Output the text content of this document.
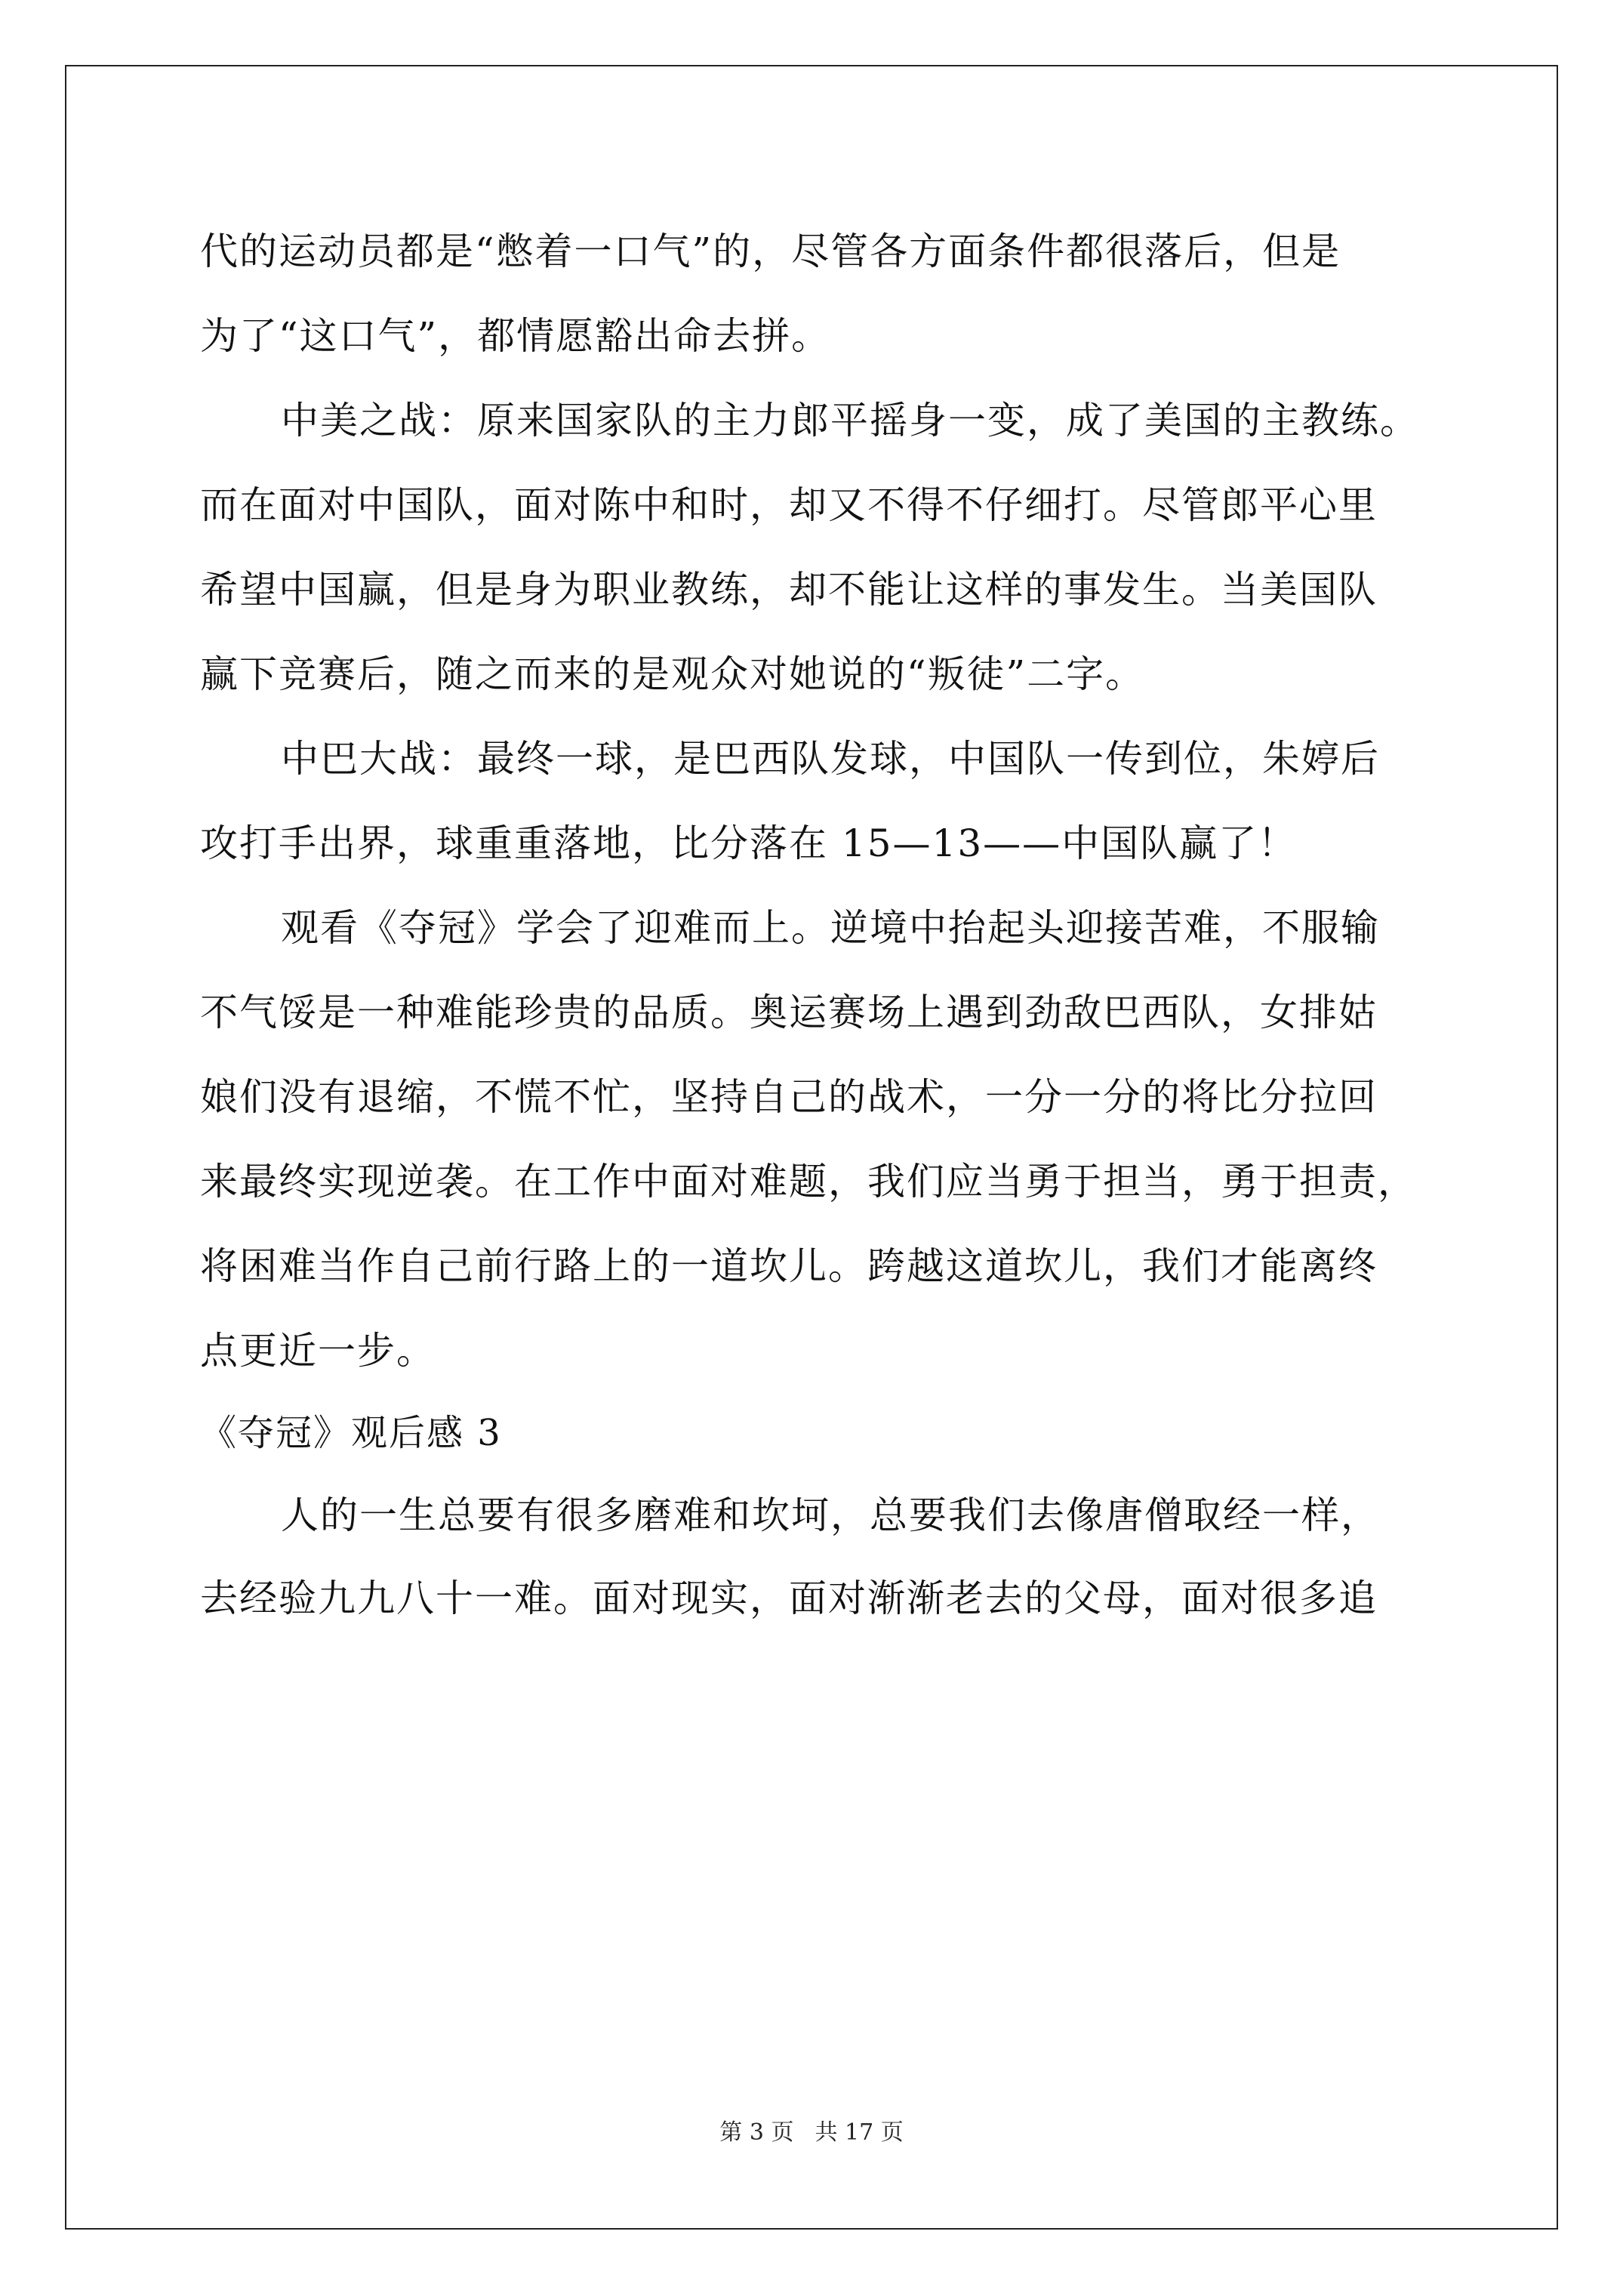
代的运动员都是“憋着一口气”的，尽管各方面条件都很落后，但是
为了“这口气”，都情愿豁出命去拼。
中美之战：原来国家队的主力郎平摇身一变，成了美国的主教练。
而在面对中国队，面对陈中和时，却又不得不仔细打。尽管郎平心里
希望中国赢，但是身为职业教练，却不能让这样的事发生。当美国队
赢下竞赛后，随之而来的是观众对她说的“叛徒”二字。
中巴大战：最终一球，是巴西队发球，中国队一传到位，朱婷后
攻打手出界，球重重落地，比分落在 15—13——中国队赢了！
观看《夺冠》学会了迎难而上。逆境中抬起头迎接苦难，不服输
不气馁是一种难能珍贵的品质。奥运赛场上遇到劲敌巴西队，女排姑
娘们没有退缩，不慌不忙，坚持自己的战术，一分一分的将比分拉回
来最终实现逆袭。在工作中面对难题，我们应当勇于担当，勇于担责，
将困难当作自己前行路上的一道坎儿。跨越这道坎儿，我们才能离终
点更近一步。
《夺冠》观后感 3
人的一生总要有很多磨难和坎坷，总要我们去像唐僧取经一样，
去经验九九八十一难。面对现实，面对渐渐老去的父母，面对很多追
第 3 页 共 17 页
